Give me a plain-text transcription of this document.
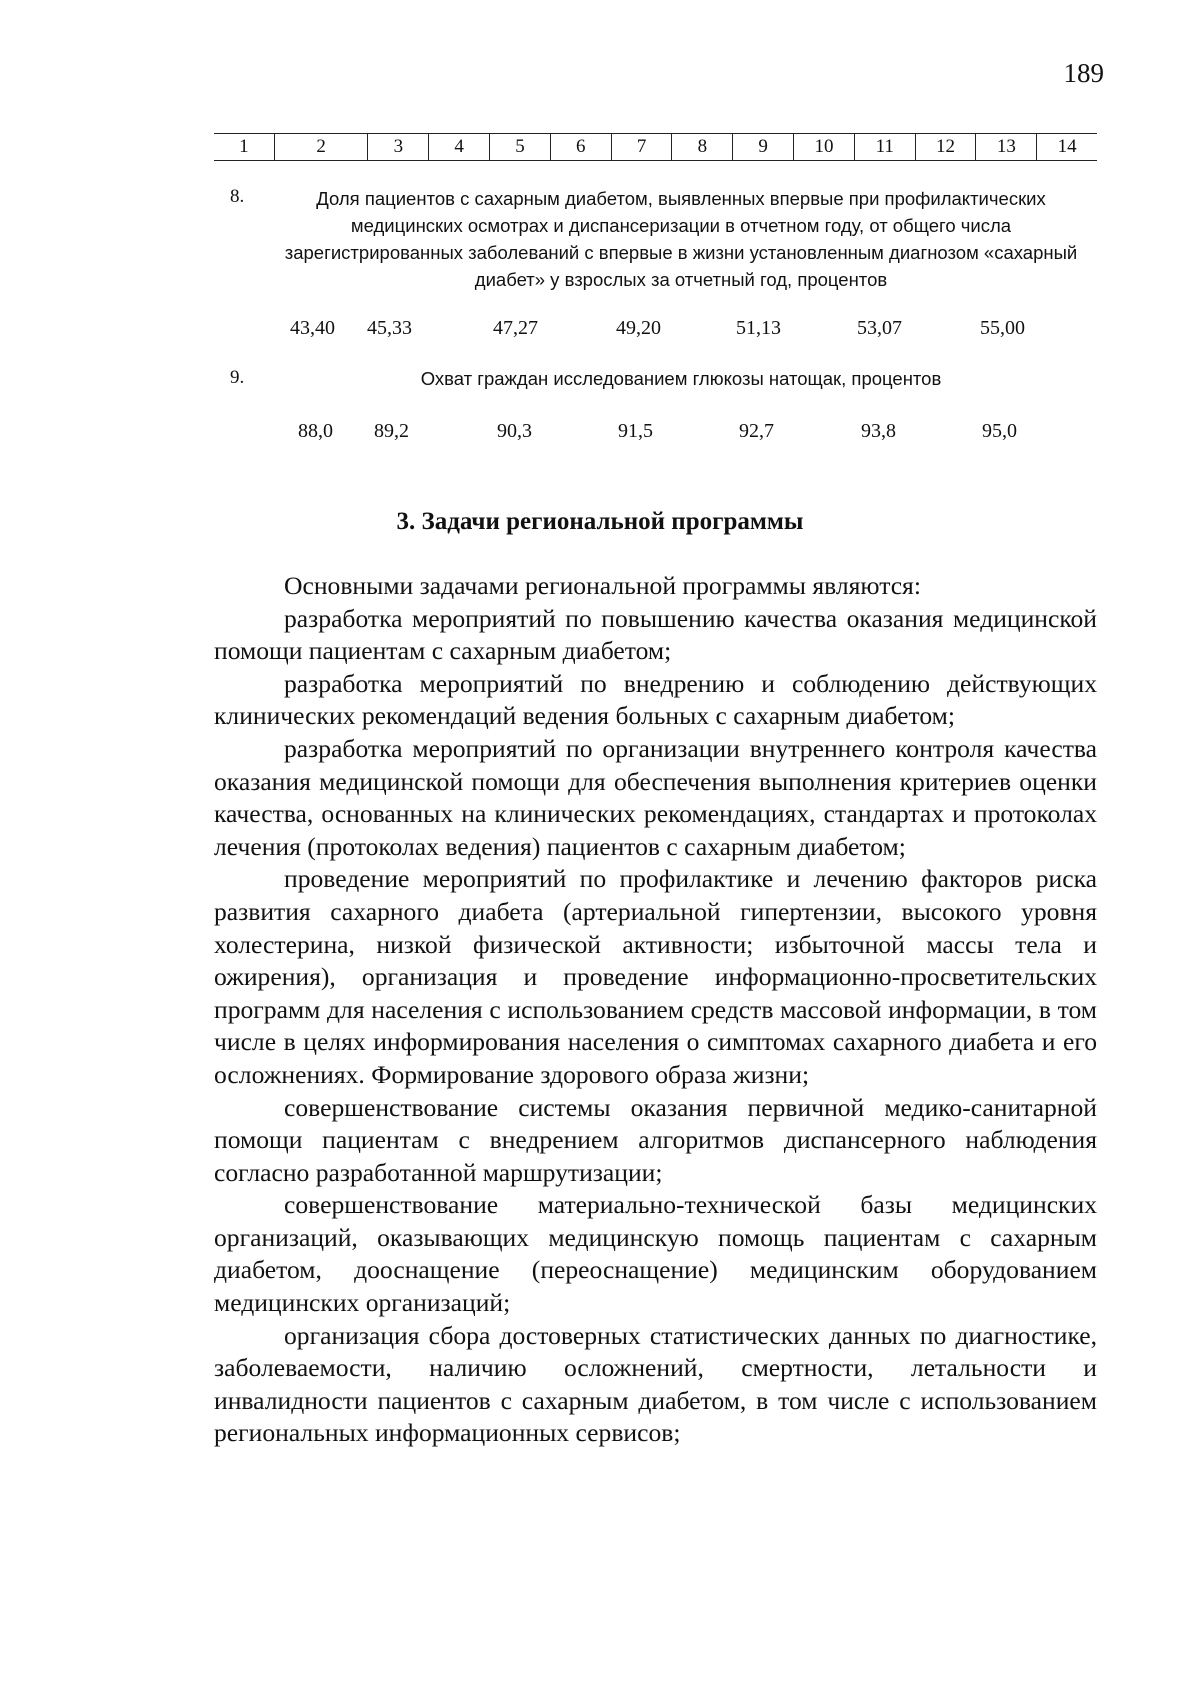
189
1	2	3	4	5	6	7	8	9	10	11	12	13	14
8.	Доля пациентов с сахарным диабетом, выявленных впервые при профилактических медицинских осмотрах и диспансеризации в отчетном году, от общего числа зарегистрированных заболеваний с впервые в жизни установленным диагнозом «сахарный диабет» у взрослых за отчетный год, процентов
43,40 45,33	47,27	49,20	51,13	53,07	55,00
9.	Охват граждан исследованием глюкозы натощак, процентов
88,0 89,2	90,3	91,5	92,7	93,8	95,0
3. Задачи региональной программы

Основными задачами региональной программы являются:

разработка мероприятий по повышению качества оказания медицинской помощи пациентам с сахарным диабетом;

разработка мероприятий по внедрению и соблюдению действующих клинических рекомендаций ведения больных с сахарным диабетом;

разработка мероприятий по организации внутреннего контроля качества оказания медицинской помощи для обеспечения выполнения критериев оценки качества, основанных на клинических рекомендациях, стандартах и протоколах лечения (протоколах ведения) пациентов с сахарным диабетом;

проведение мероприятий по профилактике и лечению факторов риска развития сахарного диабета (артериальной гипертензии, высокого уровня холестерина, низкой физической активности; избыточной массы тела и ожирения), организация и проведение информационно-просветительских программ для населения с использованием средств массовой информации, в том числе в целях информирования населения о симптомах сахарного диабета и его осложнениях. Формирование здорового образа жизни;

совершенствование системы оказания первичной медико-санитарной помощи пациентам с внедрением алгоритмов диспансерного наблюдения согласно разработанной маршрутизации;

совершенствование материально-технической базы медицинских организаций, оказывающих медицинскую помощь пациентам с сахарным диабетом, дооснащение (переоснащение) медицинским оборудованием медицинских организаций;

организация сбора достоверных статистических данных по диагностике, заболеваемости, наличию осложнений, смертности, летальности и инвалидности пациентов с сахарным диабетом, в том числе с использованием региональных информационных сервисов;
